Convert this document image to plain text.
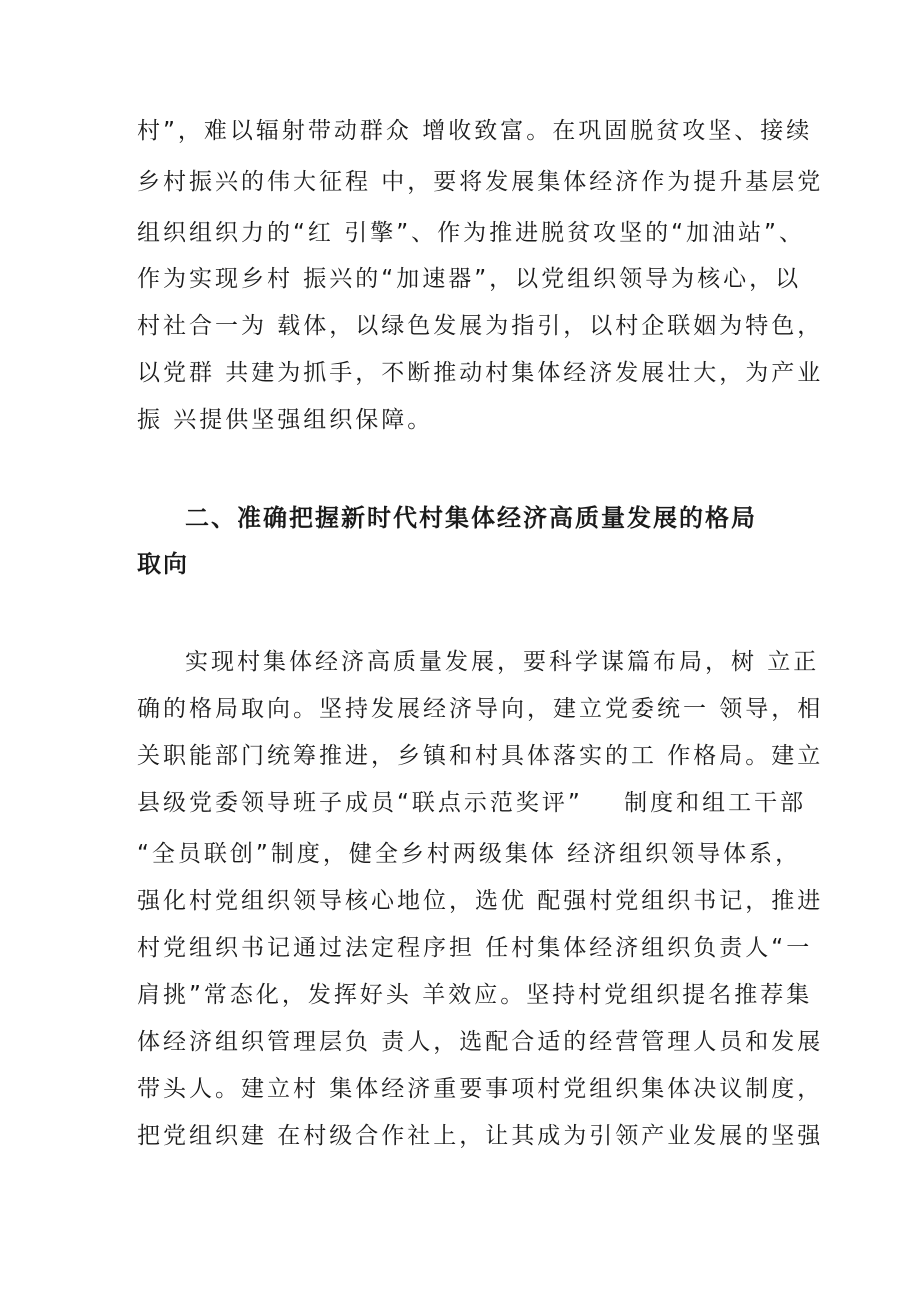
村”，难以辐射带动群众 增收致富。在巩固脱贫攻坚、接续
乡村振兴的伟大征程 中，要将发展集体经济作为提升基层党
组织组织力的“红 引擎”、作为推进脱贫攻坚的“加油站”、
作为实现乡村 振兴的“加速器”，以党组织领导为核心，以
村社合一为 载体，以绿色发展为指引，以村企联姻为特色，
以党群 共建为抓手，不断推动村集体经济发展壮大，为产业
振 兴提供坚强组织保障。
二、准确把握新时代村集体经济高质量发展的格局
取向
实现村集体经济高质量发展，要科学谋篇布局，树 立正
确的格局取向。坚持发展经济导向，建立党委统一 领导，相
关职能部门统筹推进，乡镇和村具体落实的工 作格局。建立
县级党委领导班子成员“联点示范奖评”    制度和组工干部
“全员联创”制度，健全乡村两级集体 经济组织领导体系，
强化村党组织领导核心地位，选优 配强村党组织书记，推进
村党组织书记通过法定程序担 任村集体经济组织负责人“一
肩挑”常态化，发挥好头 羊效应。坚持村党组织提名推荐集
体经济组织管理层负 责人，选配合适的经营管理人员和发展
带头人。建立村 集体经济重要事项村党组织集体决议制度，
把党组织建 在村级合作社上，让其成为引领产业发展的坚强
